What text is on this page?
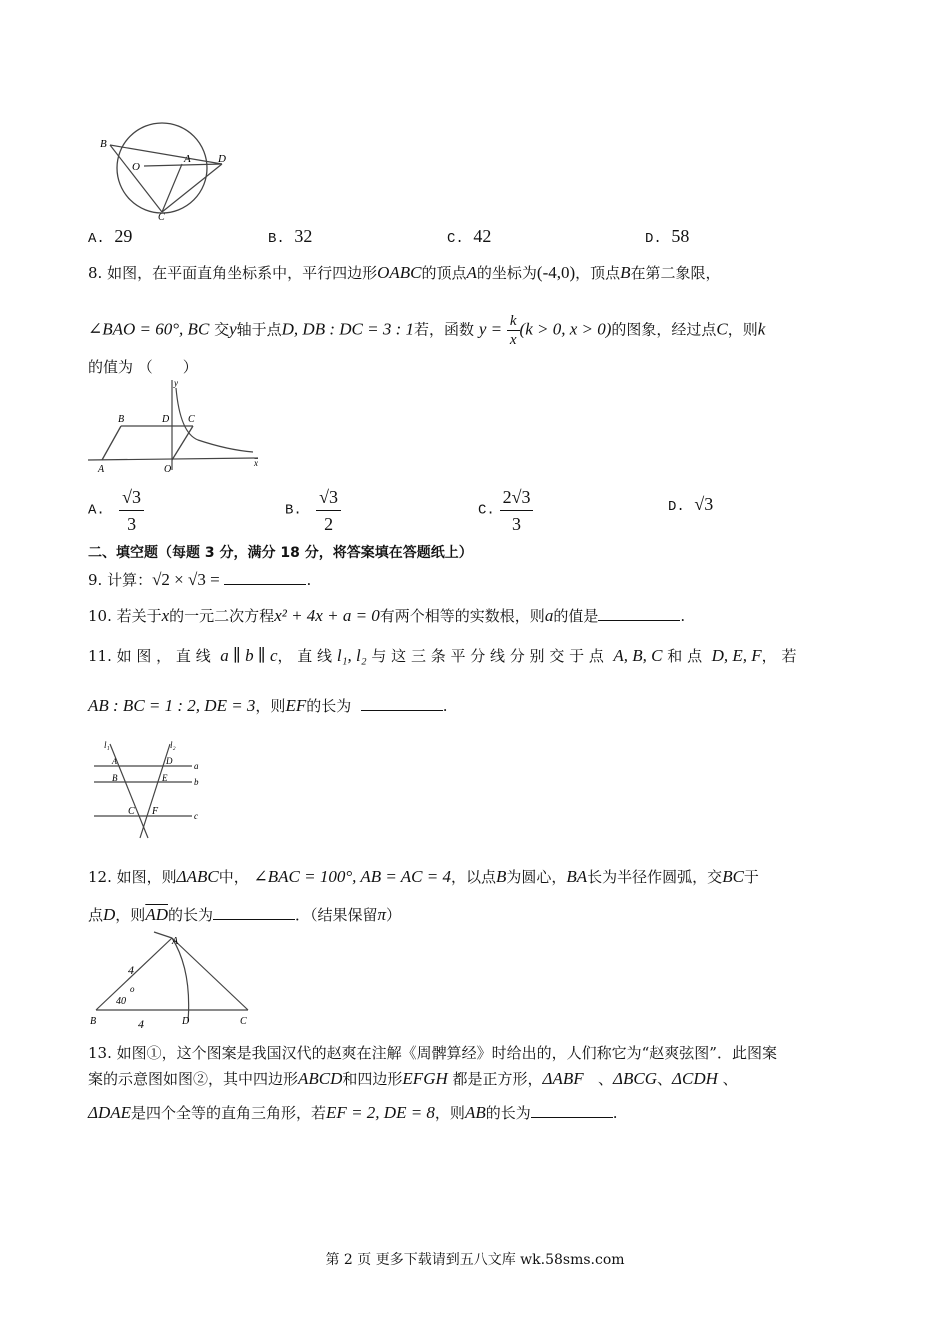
B
O
A D
C
A. 29	B. 32	C. 42	D. 58
8. 如图，在平面直角坐标系中，平行四边形OABC的顶点A的坐标为(-4,0)，顶点B在第二象限，
∠BAO = 60°, BC 交y轴于点D, DB : DC = 3 : 1若，函数 $y = \frac{k}{x} (k > 0$, x > 0)的图象，经过点C，则k
的值为 （　　）
B	D C
A	O
y
x
A. $\frac{√3}{3}$	B. $\frac{√3}{2}$	C. $\frac{2√3}{3}$	D. √3
二、填空题（每题 3 分，满分 18 分，将答案填在答题纸上）
9. 计算：√2 × √3 =	.
10. 若关于x的一元二次方程x² + 4x + a = 0有两个相等的实数根，则a的值是	.
11. 如 图 ， 直 线 a ∥ b ∥ c， 直 线 l₁, l₂ 与 这 三 条 平 分 线 分 别 交 于 点 A, B, C 和 点 D, E, F， 若
AB : BC = 1 : 2, DE = 3，则EF的长为	.
l₁	l₂
A	D a
B	E	b
C F	c
12. 如图，则ΔABC中， ∠BAC = 100°, AB = AC = 4，以点B为圆心，BA长为半径作圆弧，交BC于
点D，则$\overline{AD}$的长为	．（结果保留π）
A
B	D	C
4
4
40
o
13. 如图①，这个图案是我国汉代的赵爽在注解《周髀算经》时给出的，人们称它为“赵爽弦图”．此图案
案的示意图如图②，其中四边形ABCD和四边形EFGH 都是正方形，ΔABF 、ΔBCG、ΔCDH 、
ΔDAE是四个全等的直角三角形，若EF = 2, DE = 8，则AB的长为	.
第 2 页 更多下载请到五八文库 wk.58sms.com
